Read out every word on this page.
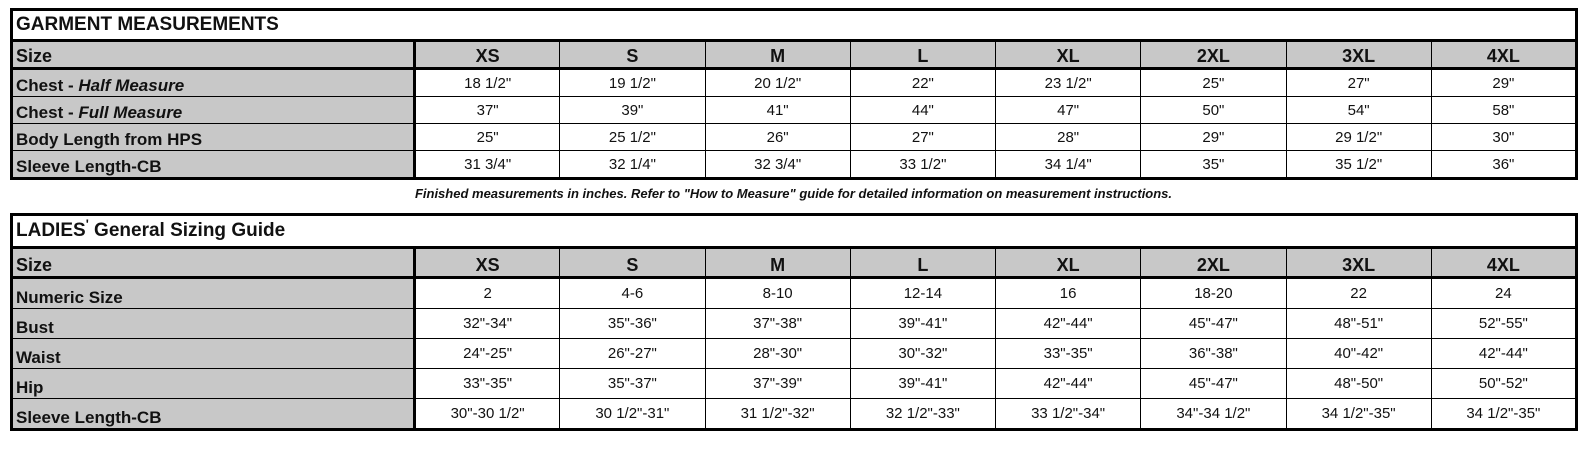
GARMENT MEASUREMENTS								
Size	XS	S	M	L	XL	2XL	3XL	4XL
Chest - Half Measure	18 1/2"	19 1/2"	20 1/2"	22"	23 1/2"	25"	27"	29"
Chest - Full Measure	37"	39"	41"	44"	47"	50"	54"	58"
Body Length from HPS	25"	25 1/2"	26"	27"	28"	29"	29 1/2"	30"
Sleeve Length-CB	31 3/4"	32 1/4"	32 3/4"	33 1/2"	34 1/4"	35"	35 1/2"	36"
Finished measurements in inches. Refer to "How to Measure" guide for detailed information on measurement instructions.
LADIES' General Sizing Guide								
Size	XS	S	M	L	XL	2XL	3XL	4XL
Numeric Size	2	4-6	8-10	12-14	16	18-20	22	24
Bust	32"-34"	35"-36"	37"-38"	39"-41"	42"-44"	45"-47"	48"-51"	52"-55"
Waist	24"-25"	26"-27"	28"-30"	30"-32"	33"-35"	36"-38"	40"-42"	42"-44"
Hip	33"-35"	35"-37"	37"-39"	39"-41"	42"-44"	45"-47"	48"-50"	50"-52"
Sleeve Length-CB	30"-30 1/2"	30 1/2"-31"	31 1/2"-32"	32 1/2"-33"	33 1/2"-34"	34"-34 1/2"	34 1/2"-35"	34 1/2"-35"
